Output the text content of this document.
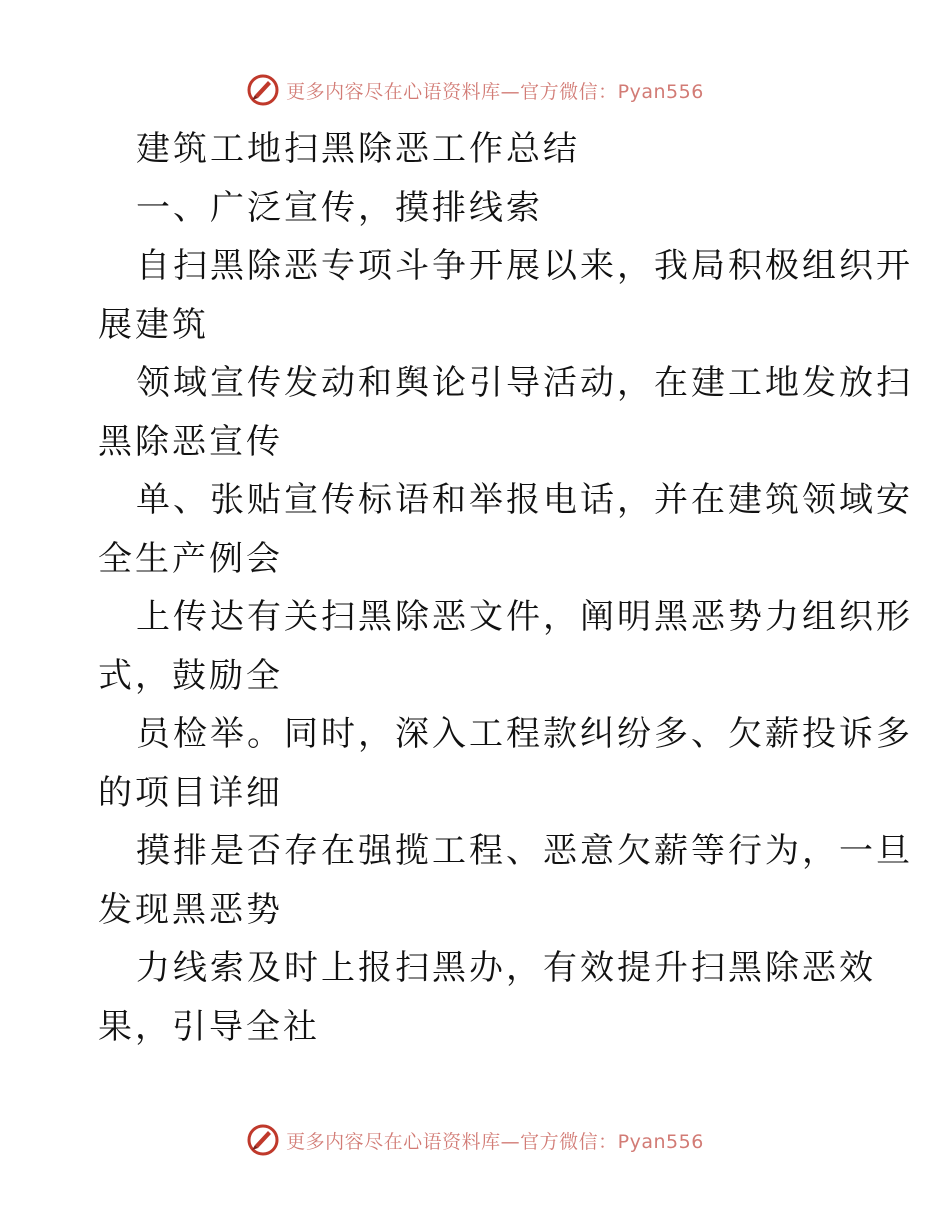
更多内容尽在心语资料库—官方微信：Pyan556
建筑工地扫黑除恶工作总结
一、广泛宣传，摸排线索
自扫黑除恶专项斗争开展以来，我局积极组织开
展建筑
领域宣传发动和舆论引导活动，在建工地发放扫
黑除恶宣传
单、张贴宣传标语和举报电话，并在建筑领域安
全生产例会
上传达有关扫黑除恶文件，阐明黑恶势力组织形
式，鼓励全
员检举。同时，深入工程款纠纷多、欠薪投诉多
的项目详细
摸排是否存在强揽工程、恶意欠薪等行为，一旦
发现黑恶势
力线索及时上报扫黑办，有效提升扫黑除恶效
果，引导全社
更多内容尽在心语资料库—官方微信：Pyan556
